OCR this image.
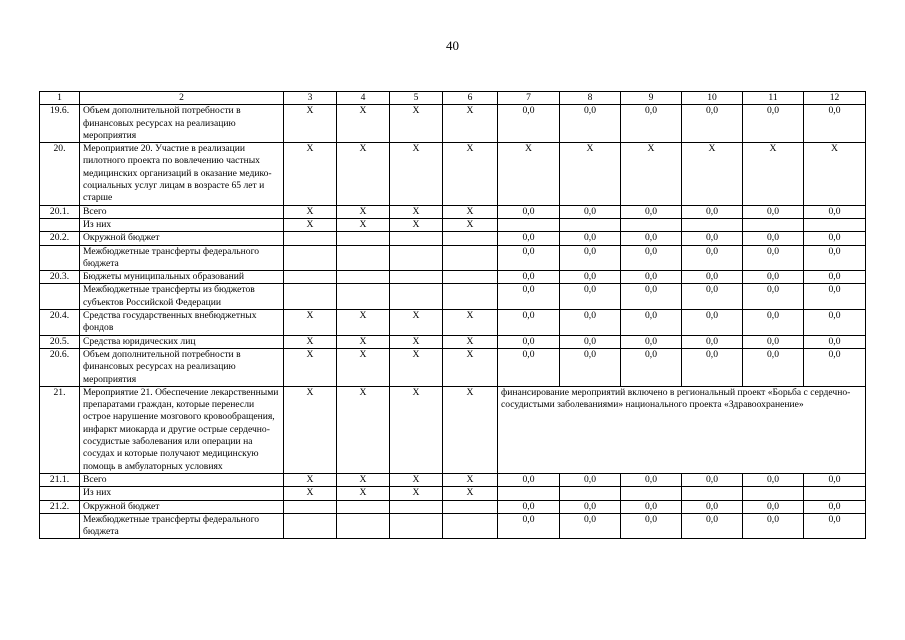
40
1	2	3	4	5	6	7	8	9	10	11	12
19.6.	Объем дополнительной потребности в финансовых ресурсах на реализацию мероприятия	X	X	X	X	0,0	0,0	0,0	0,0	0,0	0,0
20.	Мероприятие 20. Участие в реализации пилотного проекта по вовлечению частных медицинских организаций в оказание медико-социальных услуг лицам в возрасте 65 лет и старше	X	X	X	X	X	X	X	X	X	X
20.1.	Всего	X	X	X	X	0,0	0,0	0,0	0,0	0,0	0,0
	Из них	X	X	X	X						
20.2.	Окружной бюджет					0,0	0,0	0,0	0,0	0,0	0,0
	Межбюджетные трансферты федерального бюджета					0,0	0,0	0,0	0,0	0,0	0,0
20.3.	Бюджеты муниципальных образований					0,0	0,0	0,0	0,0	0,0	0,0
	Межбюджетные трансферты из бюджетов субъектов Российской Федерации					0,0	0,0	0,0	0,0	0,0	0,0
20.4.	Средства государственных внебюджетных фондов	X	X	X	X	0,0	0,0	0,0	0,0	0,0	0,0
20.5.	Средства юридических лиц	X	X	X	X	0,0	0,0	0,0	0,0	0,0	0,0
20.6.	Объем дополнительной потребности в финансовых ресурсах на реализацию мероприятия	X	X	X	X	0,0	0,0	0,0	0,0	0,0	0,0
21.	Мероприятие 21. Обеспечение лекарственными препаратами граждан, которые перенесли острое нарушение мозгового кровообращения, инфаркт миокарда и другие острые сердечно-сосудистые заболевания или операции на сосудах и которые получают медицинскую помощь в амбулаторных условиях	X	X	X	X	финансирование мероприятий включено в региональный проект «Борьба с сердечно-сосудистыми заболеваниями» национального проекта «Здравоохранение»					
21.1.	Всего	X	X	X	X	0,0	0,0	0,0	0,0	0,0	0,0
	Из них	X	X	X	X						
21.2.	Окружной бюджет					0,0	0,0	0,0	0,0	0,0	0,0
	Межбюджетные трансферты федерального бюджета					0,0	0,0	0,0	0,0	0,0	0,0
